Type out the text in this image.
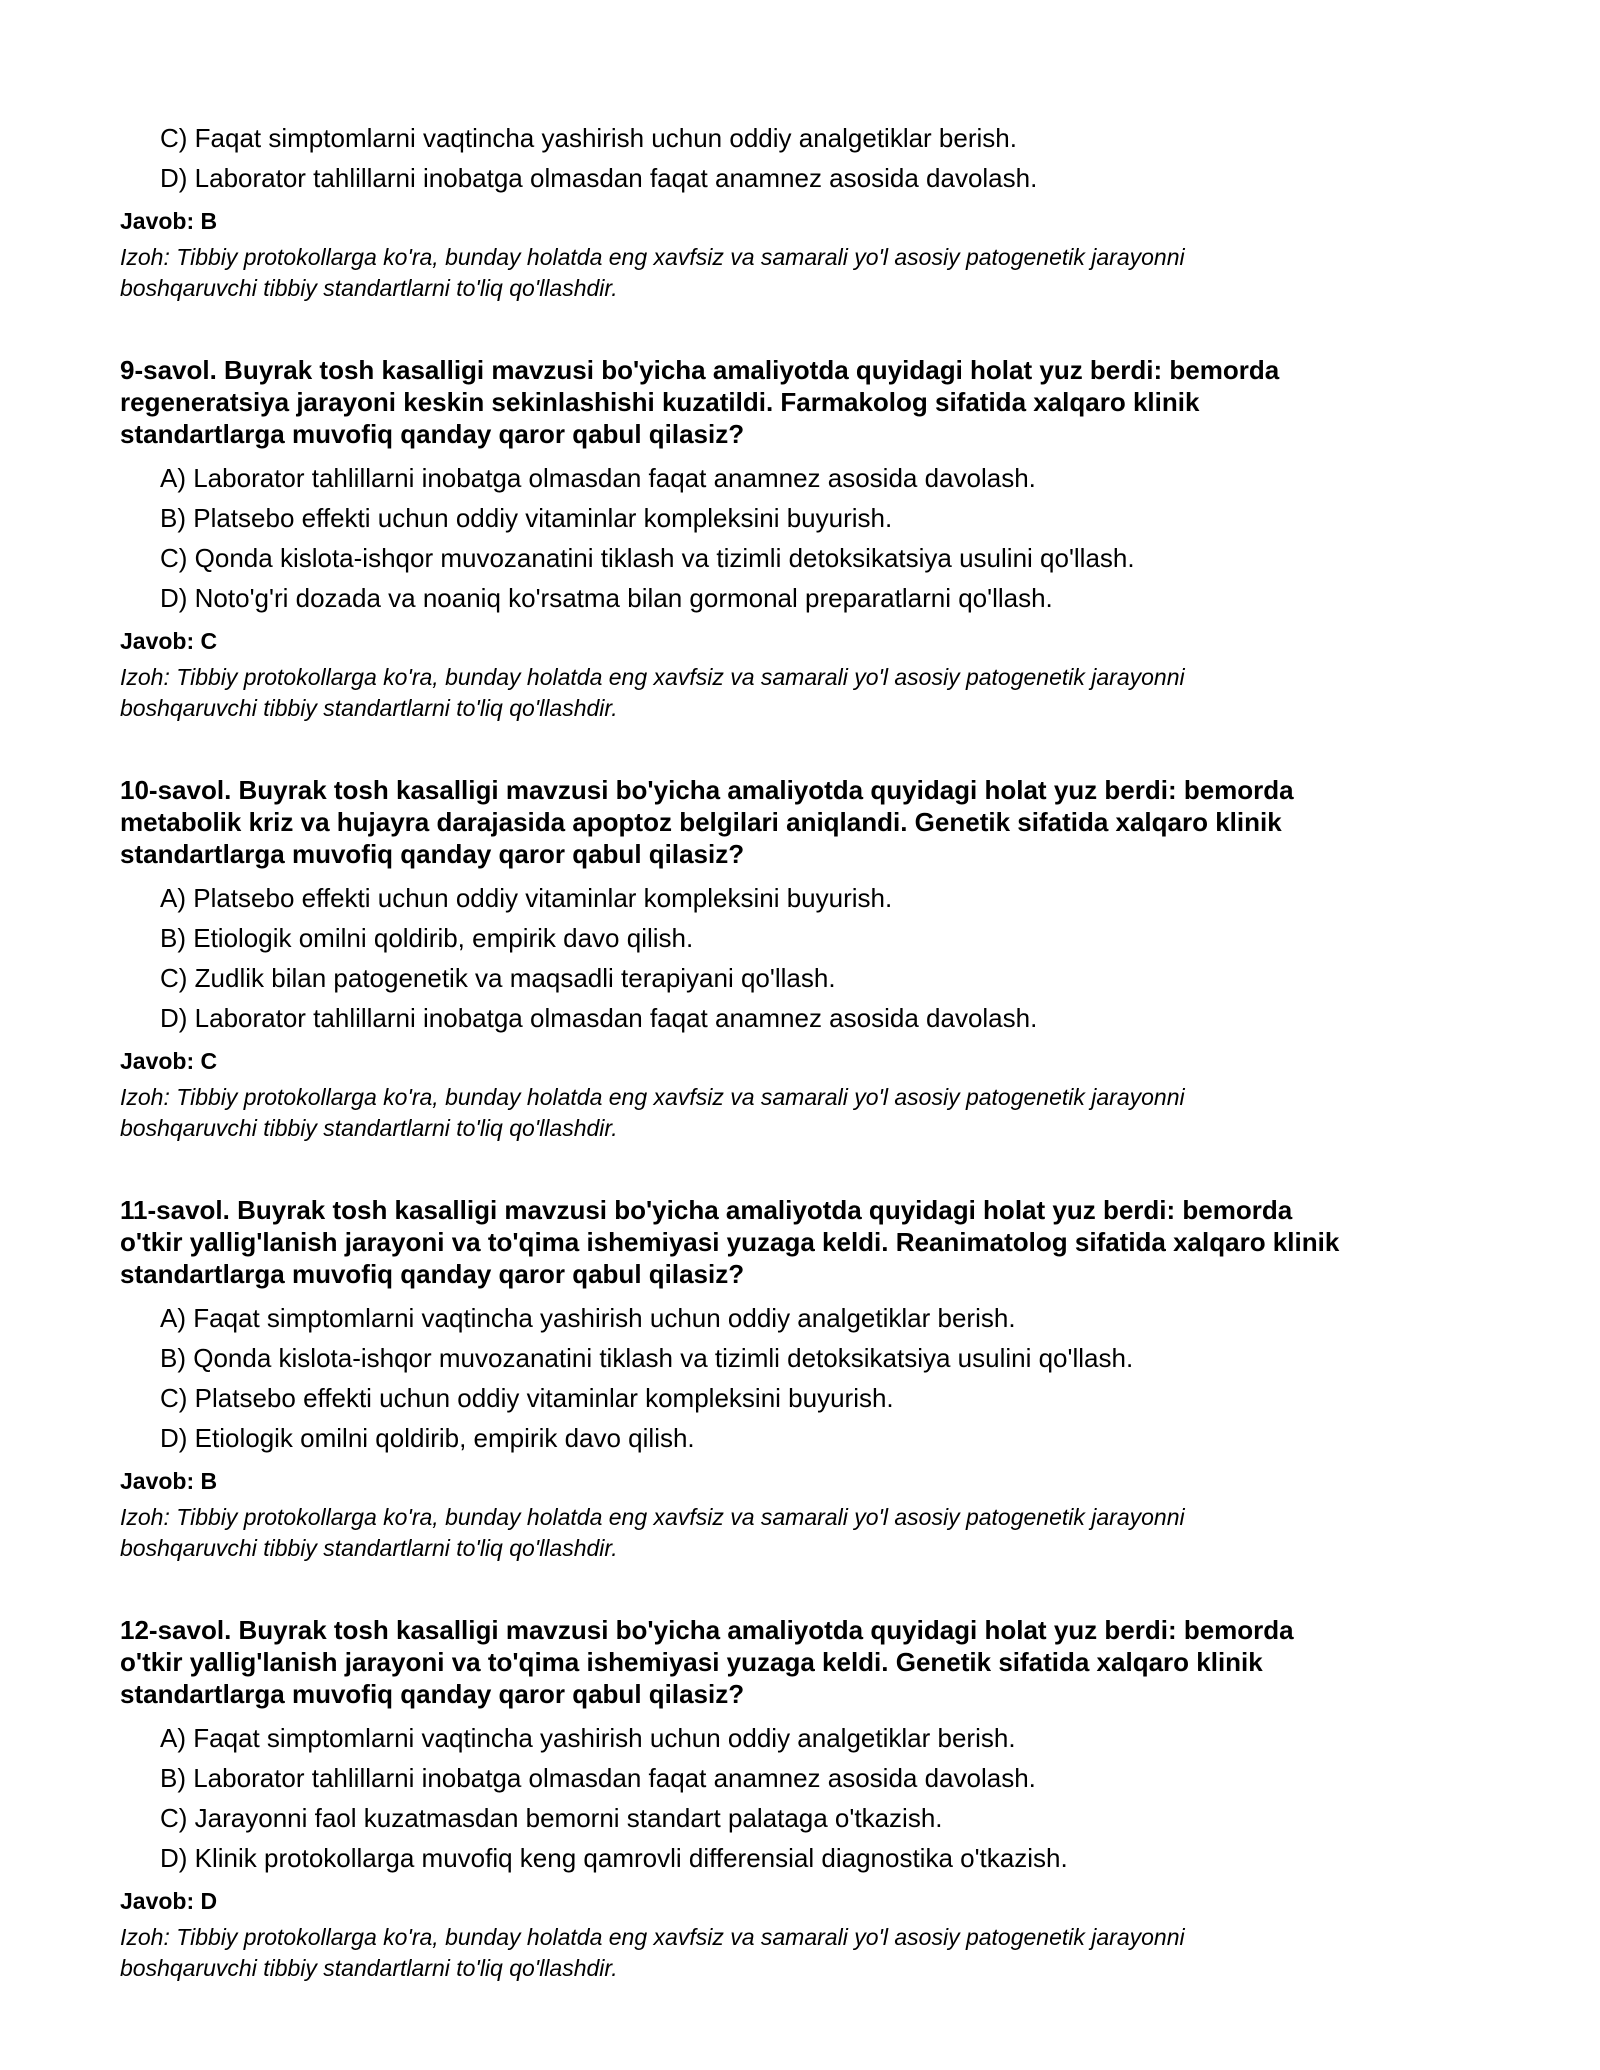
C) Faqat simptomlarni vaqtincha yashirish uchun oddiy analgetiklar berish.
D) Laborator tahlillarni inobatga olmasdan faqat anamnez asosida davolash.
Javob: B
Izoh: Tibbiy protokollarga ko'ra, bunday holatda eng xavfsiz va samarali yo'l asosiy patogenetik jarayonni
boshqaruvchi tibbiy standartlarni to'liq qo'llashdir.
9-savol. Buyrak tosh kasalligi mavzusi bo'yicha amaliyotda quyidagi holat yuz berdi: bemorda
regeneratsiya jarayoni keskin sekinlashishi kuzatildi. Farmakolog sifatida xalqaro klinik
standartlarga muvofiq qanday qaror qabul qilasiz?
A) Laborator tahlillarni inobatga olmasdan faqat anamnez asosida davolash.
B) Platsebo effekti uchun oddiy vitaminlar kompleksini buyurish.
C) Qonda kislota-ishqor muvozanatini tiklash va tizimli detoksikatsiya usulini qo'llash.
D) Noto'g'ri dozada va noaniq ko'rsatma bilan gormonal preparatlarni qo'llash.
Javob: C
Izoh: Tibbiy protokollarga ko'ra, bunday holatda eng xavfsiz va samarali yo'l asosiy patogenetik jarayonni
boshqaruvchi tibbiy standartlarni to'liq qo'llashdir.
10-savol. Buyrak tosh kasalligi mavzusi bo'yicha amaliyotda quyidagi holat yuz berdi: bemorda
metabolik kriz va hujayra darajasida apoptoz belgilari aniqlandi. Genetik sifatida xalqaro klinik
standartlarga muvofiq qanday qaror qabul qilasiz?
A) Platsebo effekti uchun oddiy vitaminlar kompleksini buyurish.
B) Etiologik omilni qoldirib, empirik davo qilish.
C) Zudlik bilan patogenetik va maqsadli terapiyani qo'llash.
D) Laborator tahlillarni inobatga olmasdan faqat anamnez asosida davolash.
Javob: C
Izoh: Tibbiy protokollarga ko'ra, bunday holatda eng xavfsiz va samarali yo'l asosiy patogenetik jarayonni
boshqaruvchi tibbiy standartlarni to'liq qo'llashdir.
11-savol. Buyrak tosh kasalligi mavzusi bo'yicha amaliyotda quyidagi holat yuz berdi: bemorda
o'tkir yallig'lanish jarayoni va to'qima ishemiyasi yuzaga keldi. Reanimatolog sifatida xalqaro klinik
standartlarga muvofiq qanday qaror qabul qilasiz?
A) Faqat simptomlarni vaqtincha yashirish uchun oddiy analgetiklar berish.
B) Qonda kislota-ishqor muvozanatini tiklash va tizimli detoksikatsiya usulini qo'llash.
C) Platsebo effekti uchun oddiy vitaminlar kompleksini buyurish.
D) Etiologik omilni qoldirib, empirik davo qilish.
Javob: B
Izoh: Tibbiy protokollarga ko'ra, bunday holatda eng xavfsiz va samarali yo'l asosiy patogenetik jarayonni
boshqaruvchi tibbiy standartlarni to'liq qo'llashdir.
12-savol. Buyrak tosh kasalligi mavzusi bo'yicha amaliyotda quyidagi holat yuz berdi: bemorda
o'tkir yallig'lanish jarayoni va to'qima ishemiyasi yuzaga keldi. Genetik sifatida xalqaro klinik
standartlarga muvofiq qanday qaror qabul qilasiz?
A) Faqat simptomlarni vaqtincha yashirish uchun oddiy analgetiklar berish.
B) Laborator tahlillarni inobatga olmasdan faqat anamnez asosida davolash.
C) Jarayonni faol kuzatmasdan bemorni standart palataga o'tkazish.
D) Klinik protokollarga muvofiq keng qamrovli differensial diagnostika o'tkazish.
Javob: D
Izoh: Tibbiy protokollarga ko'ra, bunday holatda eng xavfsiz va samarali yo'l asosiy patogenetik jarayonni
boshqaruvchi tibbiy standartlarni to'liq qo'llashdir.
